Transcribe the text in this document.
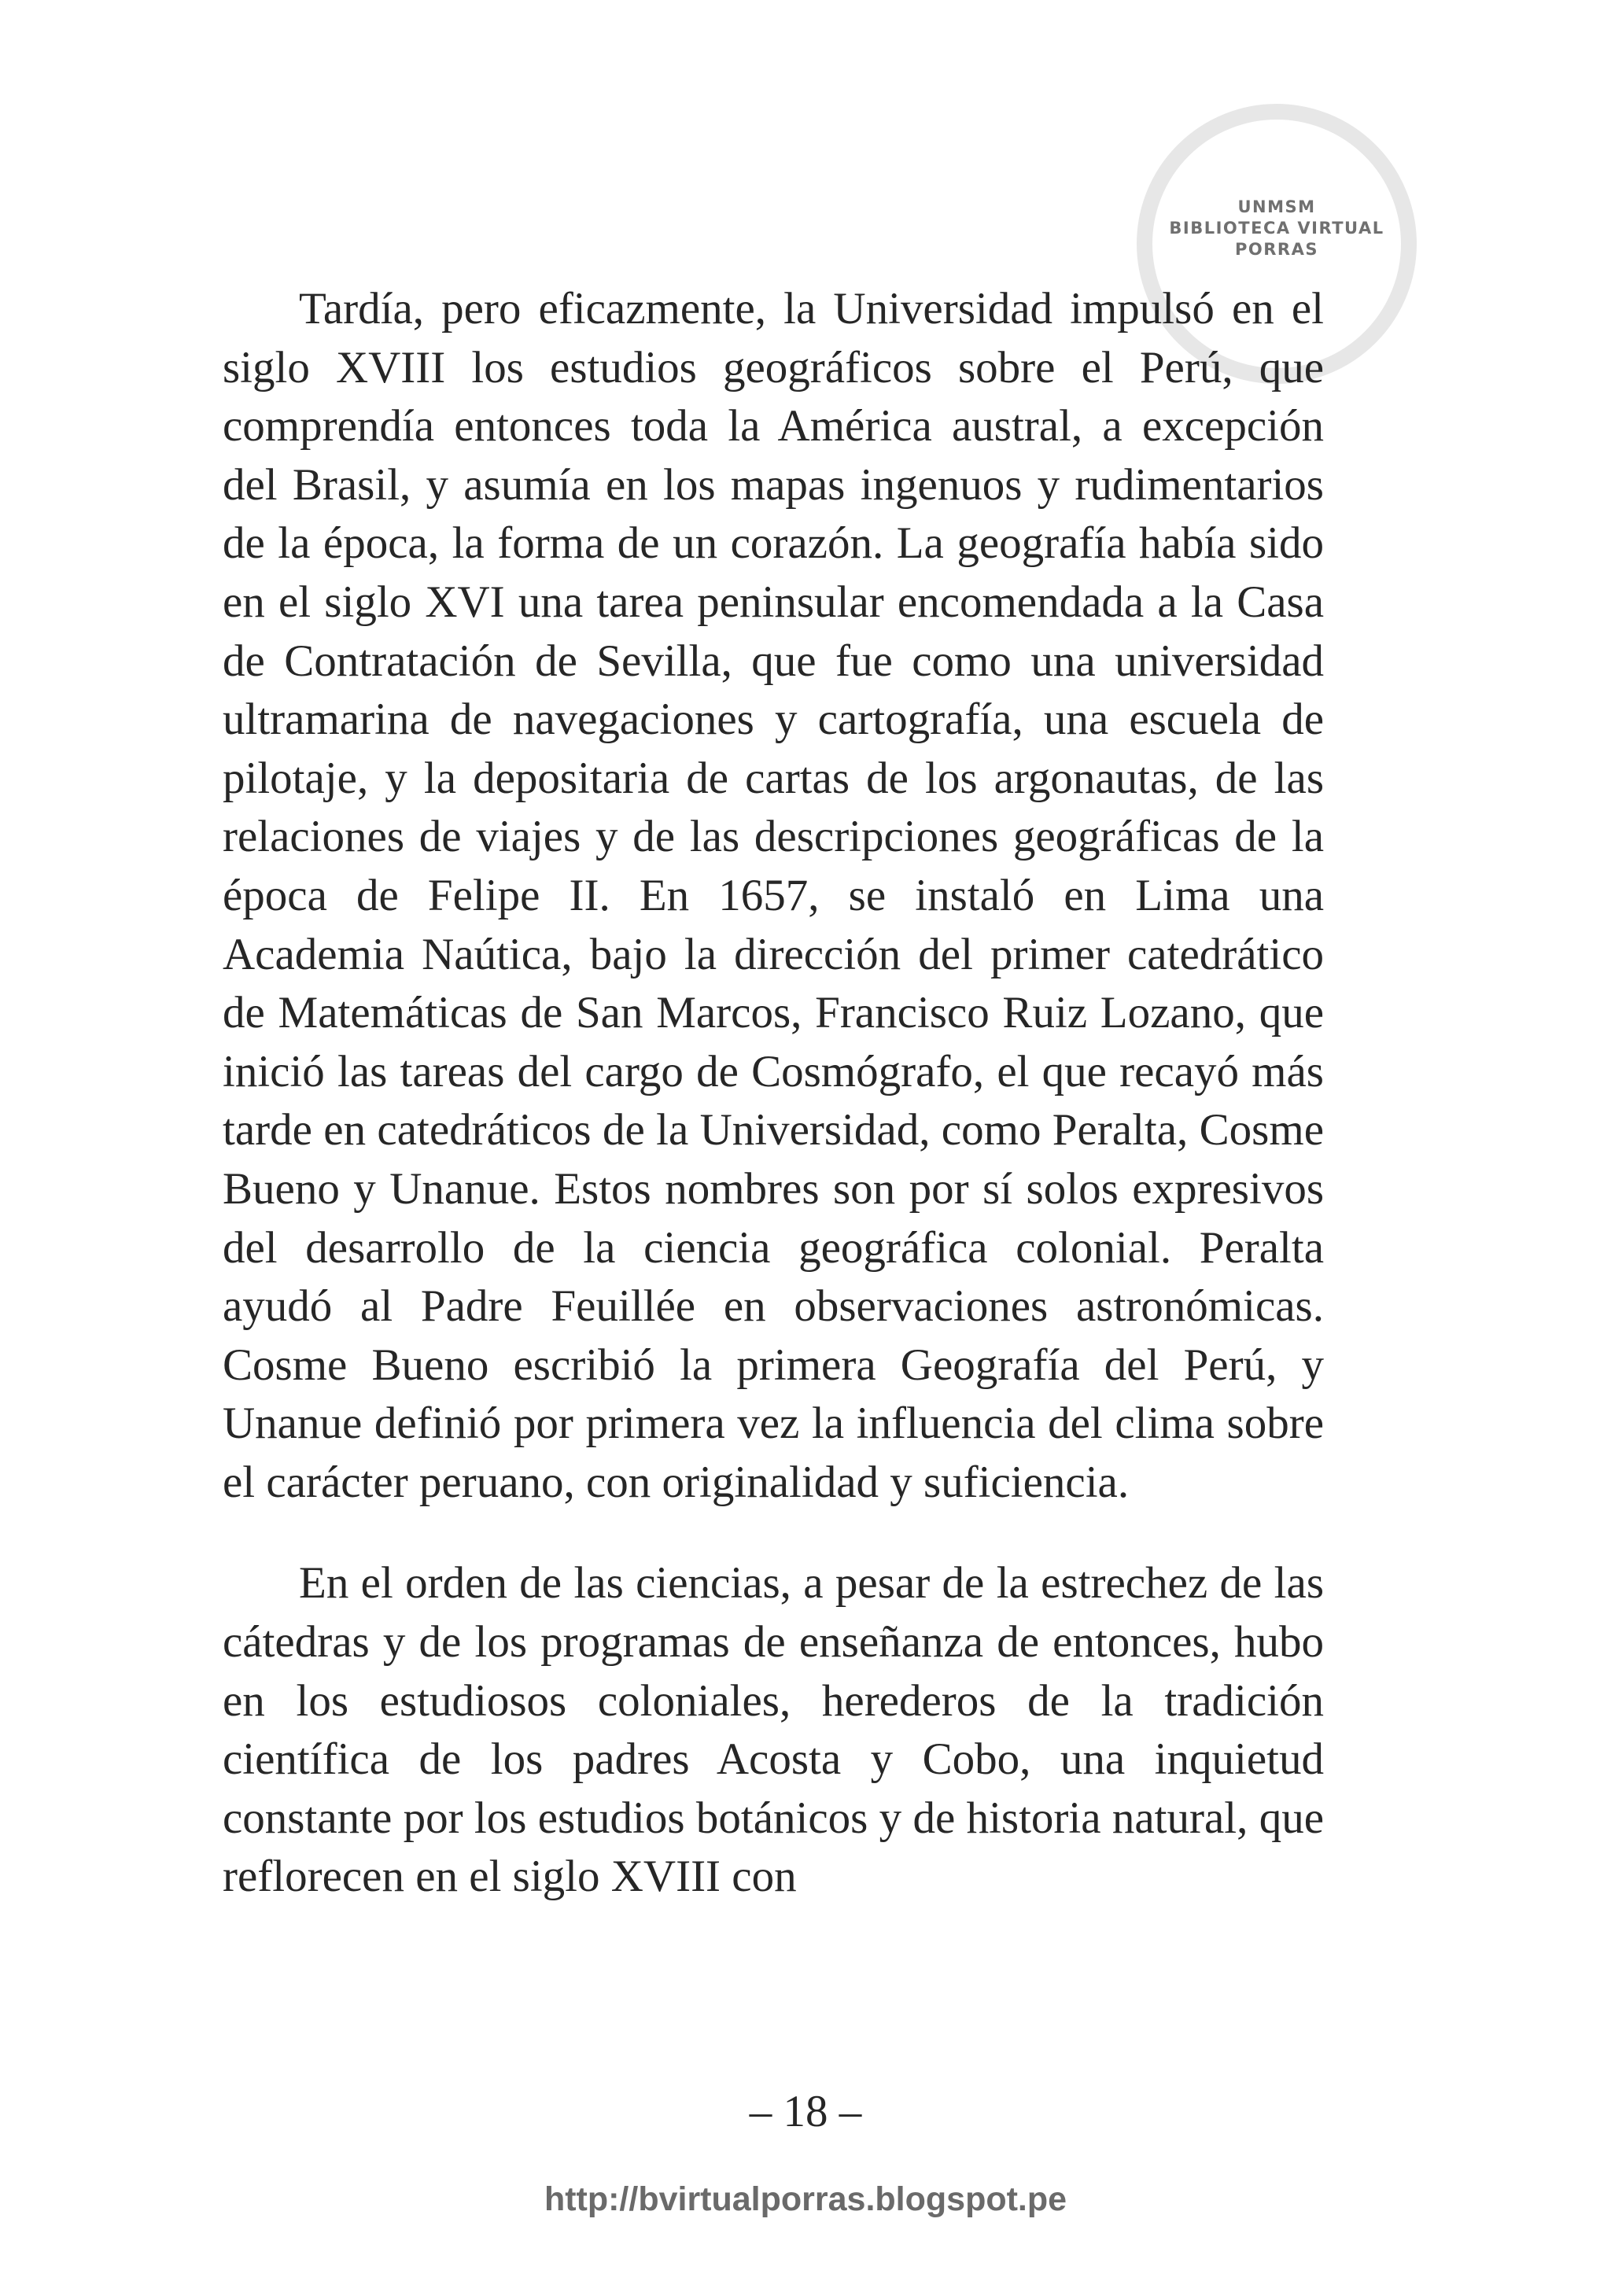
UNMSM
BIBLIOTECA VIRTUAL
PORRAS

Tardía, pero eficazmente, la Universidad impulsó en el siglo XVIII los estudios geográficos sobre el Perú, que comprendía entonces toda la América austral, a excepción del Brasil, y asumía en los mapas ingenuos y rudimentarios de la época, la forma de un corazón. La geografía había sido en el siglo XVI una tarea peninsular encomendada a la Casa de Contratación de Sevilla, que fue como una universidad ultramarina de navegaciones y cartografía, una escuela de pilotaje, y la depositaria de cartas de los argonautas, de las relaciones de viajes y de las descripciones geográficas de la época de Felipe II. En 1657, se instaló en Lima una Academia Naútica, bajo la dirección del primer catedrático de Matemáticas de San Marcos, Francisco Ruiz Lozano, que inició las tareas del cargo de Cosmógrafo, el que recayó más tarde en catedráticos de la Universidad, como Peralta, Cosme Bueno y Unanue. Estos nombres son por sí solos expresivos del desarrollo de la ciencia geográfica colonial. Peralta ayudó al Padre Feuillée en observaciones astronómicas. Cosme Bueno escribió la primera Geografía del Perú, y Unanue definió por primera vez la influencia del clima sobre el carácter peruano, con originalidad y suficiencia.

En el orden de las ciencias, a pesar de la estrechez de las cátedras y de los programas de enseñanza de entonces, hubo en los estudiosos coloniales, herederos de la tradición científica de los padres Acosta y Cobo, una inquietud constante por los estudios botánicos y de historia natural, que reflorecen en el siglo XVIII con

– 18 –
http://bvirtualporras.blogspot.pe
